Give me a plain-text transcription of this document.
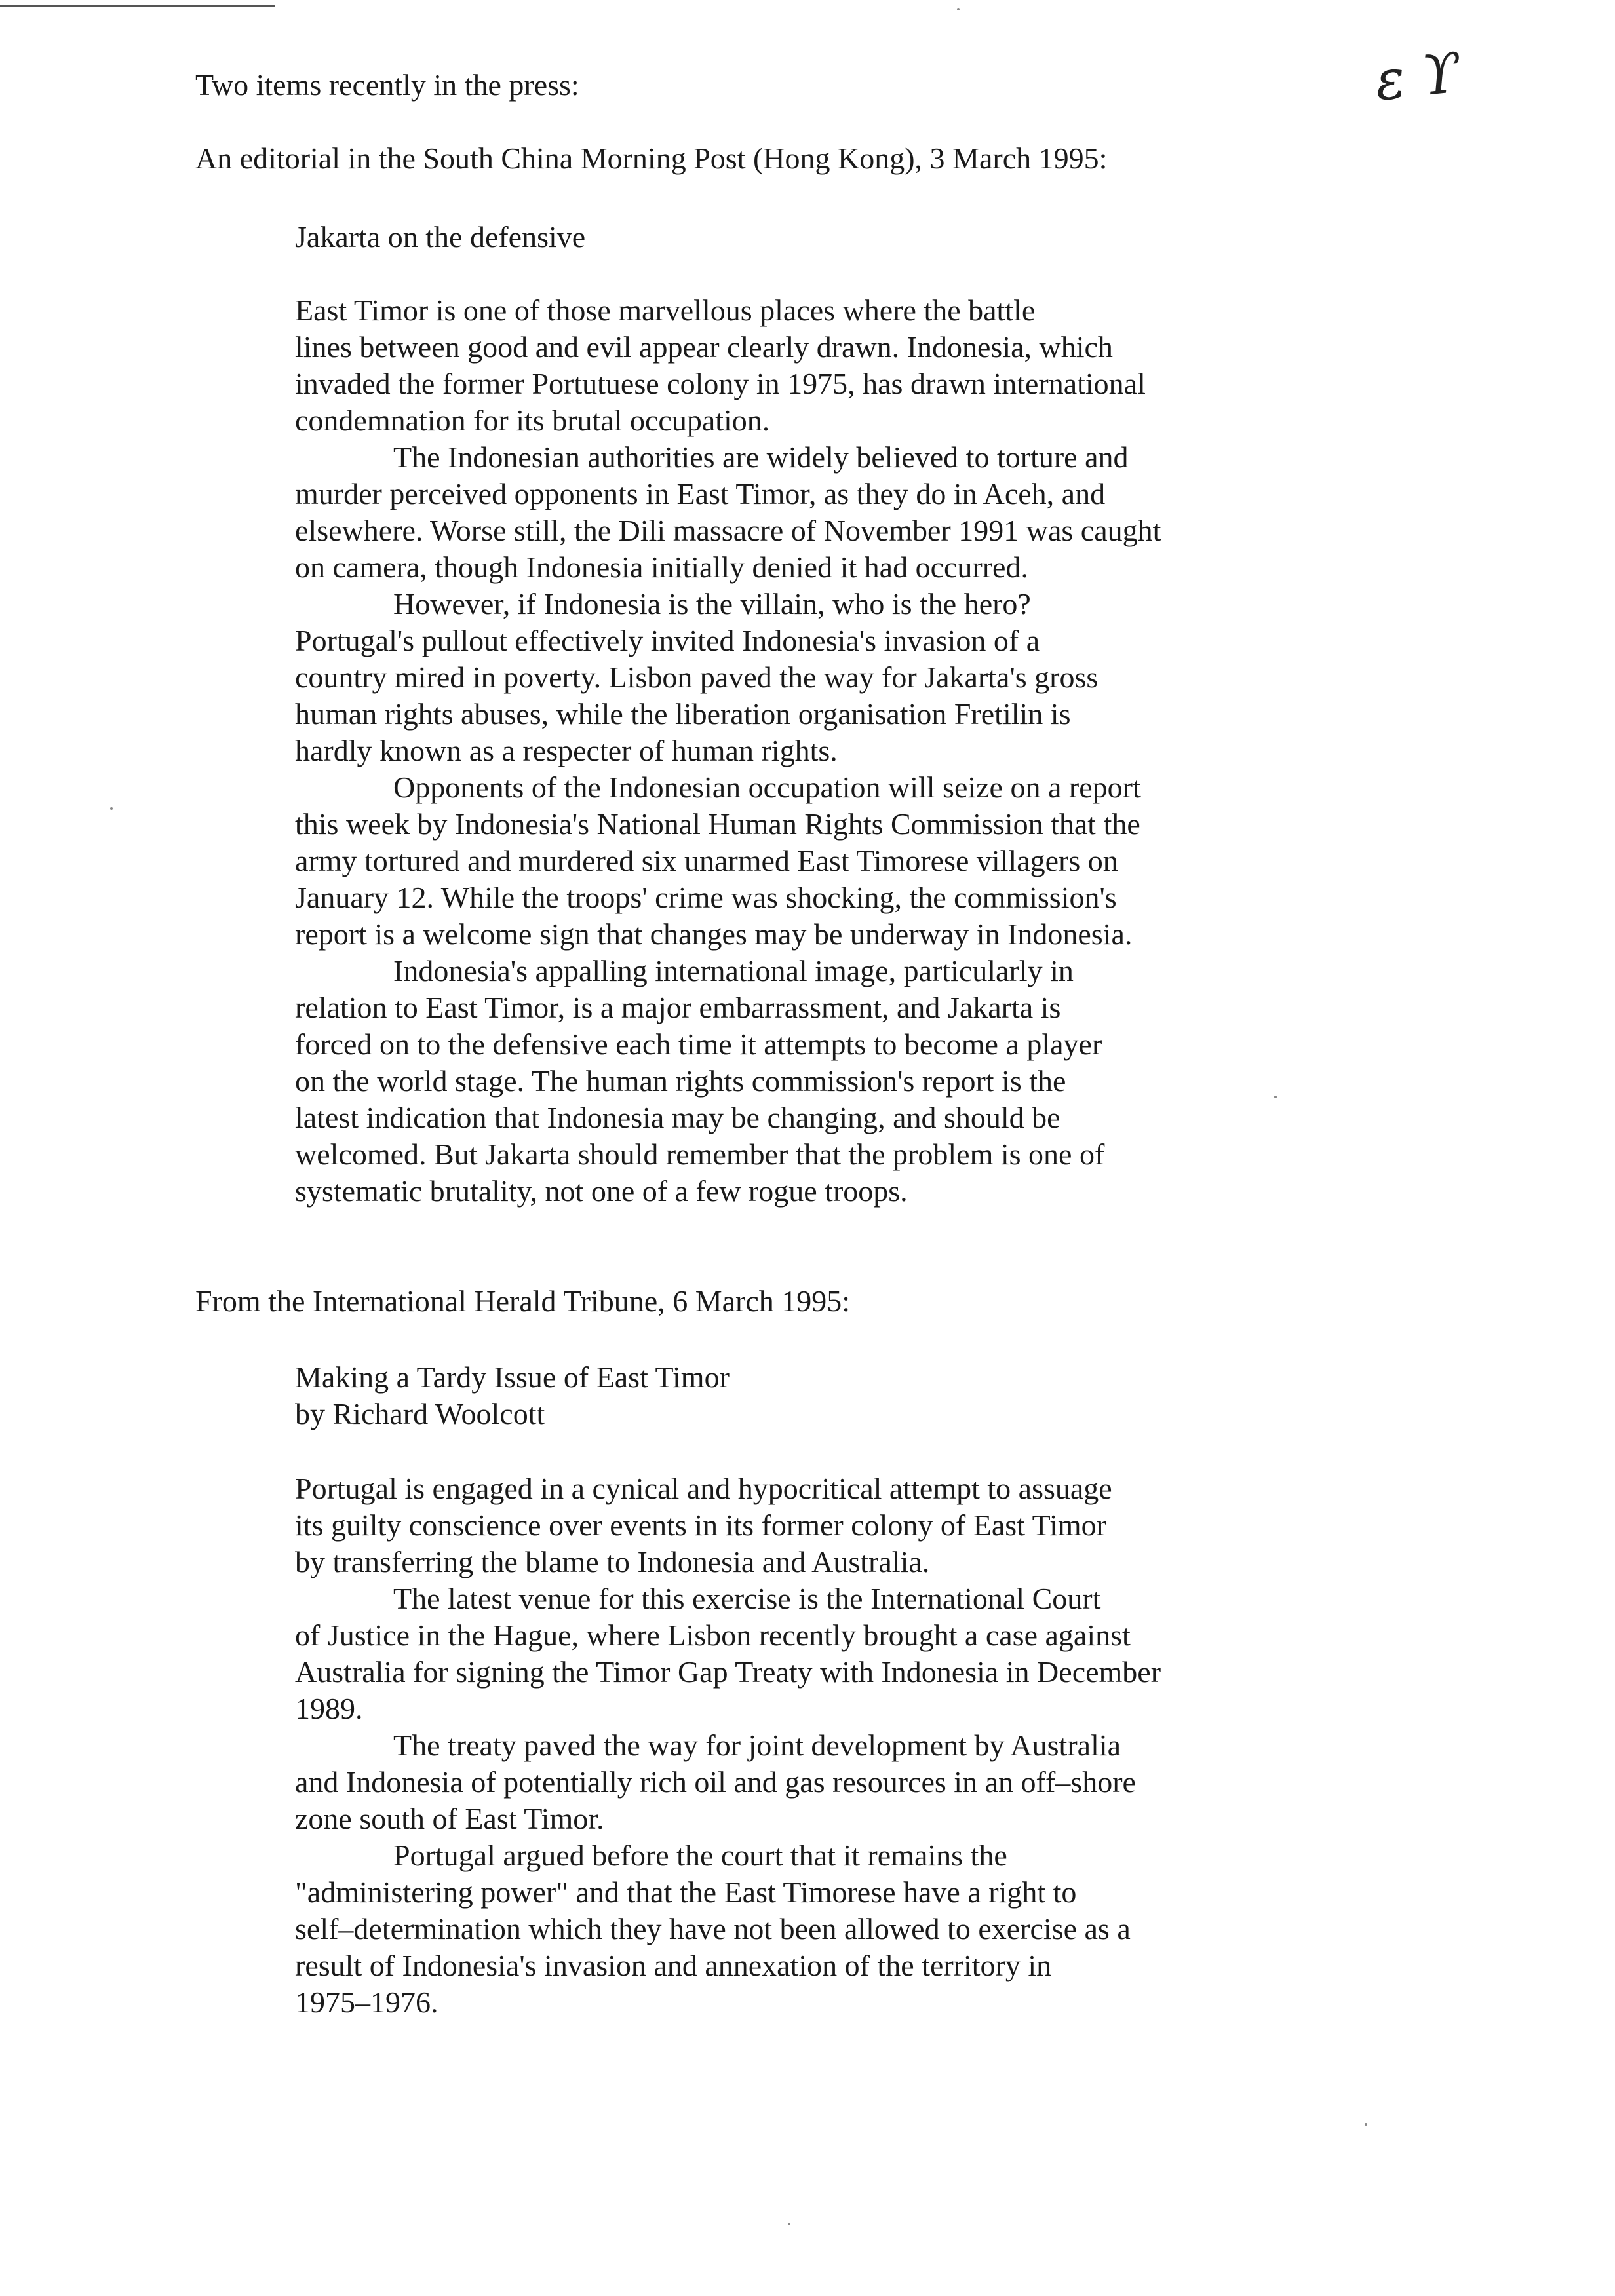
ε ϒ
Two items recently in the press:
An editorial in the South China Morning Post (Hong Kong), 3 March 1995:
Jakarta on the defensive
East Timor is one of those marvellous places where the battle
lines between good and evil appear clearly drawn. Indonesia, which
invaded the former Portutuese colony in 1975, has drawn international
condemnation for its brutal occupation.
The Indonesian authorities are widely believed to torture and
murder perceived opponents in East Timor, as they do in Aceh, and
elsewhere. Worse still, the Dili massacre of November 1991 was caught
on camera, though Indonesia initially denied it had occurred.
However, if Indonesia is the villain, who is the hero?
Portugal's pullout effectively invited Indonesia's invasion of a
country mired in poverty. Lisbon paved the way for Jakarta's gross
human rights abuses, while the liberation organisation Fretilin is
hardly known as a respecter of human rights.
Opponents of the Indonesian occupation will seize on a report
this week by Indonesia's National Human Rights Commission that the
army tortured and murdered six unarmed East Timorese villagers on
January 12. While the troops' crime was shocking, the commission's
report is a welcome sign that changes may be underway in Indonesia.
Indonesia's appalling international image, particularly in
relation to East Timor, is a major embarrassment, and Jakarta is
forced on to the defensive each time it attempts to become a player
on the world stage. The human rights commission's report is the
latest indication that Indonesia may be changing, and should be
welcomed. But Jakarta should remember that the problem is one of
systematic brutality, not one of a few rogue troops.
From the International Herald Tribune, 6 March 1995:
Making a Tardy Issue of East Timor
by Richard Woolcott
Portugal is engaged in a cynical and hypocritical attempt to assuage
its guilty conscience over events in its former colony of East Timor
by transferring the blame to Indonesia and Australia.
The latest venue for this exercise is the International Court
of Justice in the Hague, where Lisbon recently brought a case against
Australia for signing the Timor Gap Treaty with Indonesia in December
1989.
The treaty paved the way for joint development by Australia
and Indonesia of potentially rich oil and gas resources in an off–shore
zone south of East Timor.
Portugal argued before the court that it remains the
"administering power" and that the East Timorese have a right to
self–determination which they have not been allowed to exercise as a
result of Indonesia's invasion and annexation of the territory in
1975–1976.
